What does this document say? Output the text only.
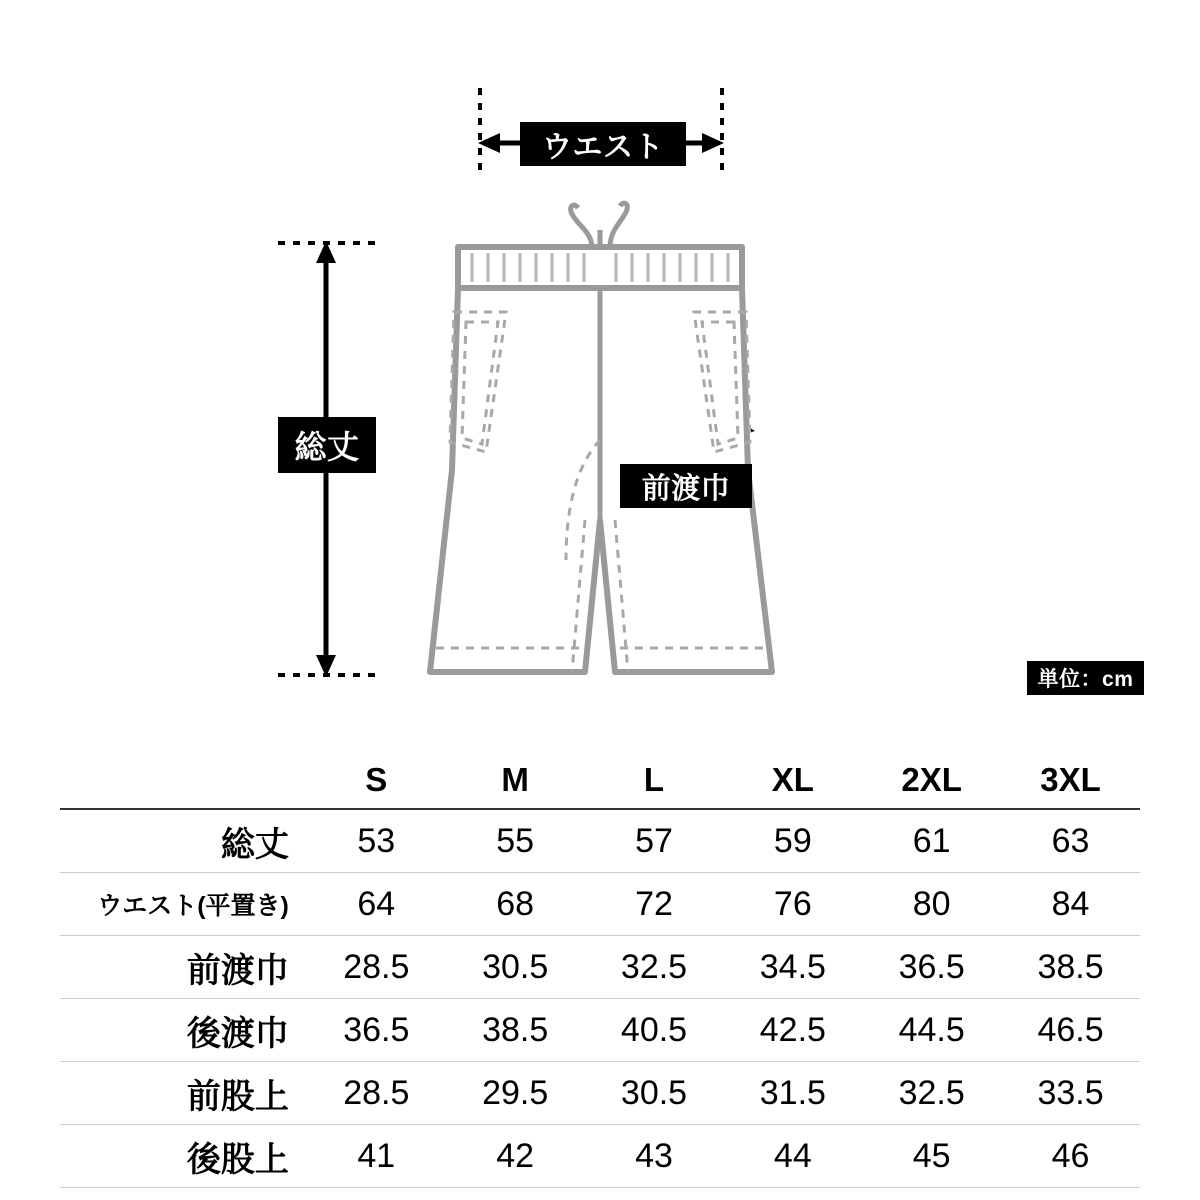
ウエスト
総丈
前渡巾
単位：cm
	S	M	L	XL	2XL	3XL
総丈	53	55	57	59	61	63
ウエスト(平置き)	64	68	72	76	80	84
前渡巾	28.5	30.5	32.5	34.5	36.5	38.5
後渡巾	36.5	38.5	40.5	42.5	44.5	46.5
前股上	28.5	29.5	30.5	31.5	32.5	33.5
後股上	41	42	43	44	45	46
